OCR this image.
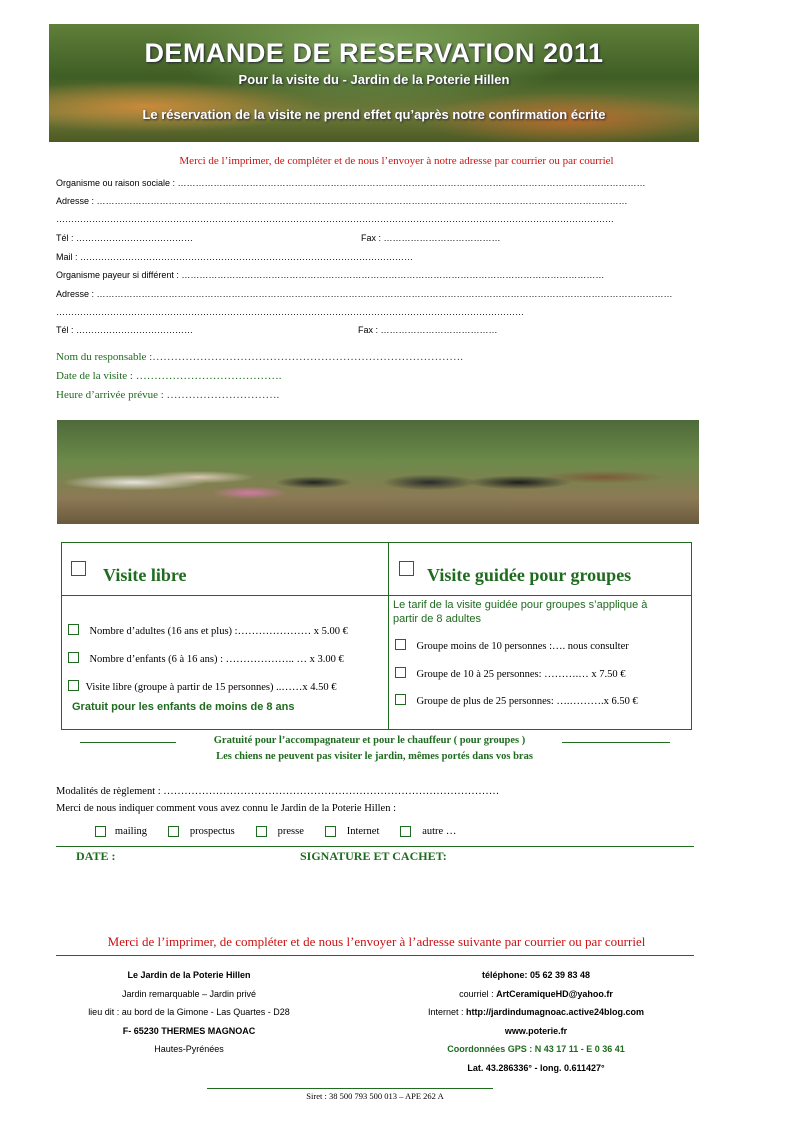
DEMANDE DE RESERVATION 2011
Pour la visite du - Jardin de la Poterie Hillen
Le réservation de la visite ne prend effet qu’après notre confirmation écrite
Merci de l’imprimer, de compléter et de nous l’envoyer à notre adresse par courrier ou par courriel
Organisme ou raison sociale : …………………………………………………………………………………………………………………………………………
Adresse : ……………………………………………………………………………………………………………………………………………………………
……………………………………………………………………………………………………………………………………………………………………
Tél : …………………………………	Fax : …………………………………
Mail : …………………………………………………………………………………………………
Organisme payeur si différent : ……………………………………………………………………………………………………………………………
Adresse : …………………………………………………………………………………………………………………………………………………………………………
…………………………………………………………………………………………………………………………………………
Tél : …………………………………	Fax : …………………………………
Nom du responsable :………………………………………………………………………….
Date de la visite : ………………………………….
Heure d’arrivée prévue : ………………………….
Visite libre	Visite guidée pour groupes
Nombre d’adultes (16 ans et plus) :………………… x 5.00 €
Nombre d’enfants (6 à 16 ans) : ……………….. … x 3.00 €
Visite libre (groupe à partir de 15 personnes) ..……x 4.50 €
Gratuit pour les enfants de moins de 8 ans
Le tarif de la visite guidée pour groupes s’applique à partir de 8 adultes
Groupe moins de 10 personnes :…. nous consulter
Groupe de 10 à 25 personnes: ……….… x 7.50 €
Groupe de plus de 25 personnes: ….……….x 6.50 €
Gratuité pour l’accompagnateur et pour le chauffeur ( pour groupes )
Les chiens ne peuvent pas visiter le jardin, mêmes portés dans vos bras
Modalités de règlement : ……………………………………………………………………………………
Merci de nous indiquer comment vous avez connu le Jardin de la Poterie Hillen :
mailing	prospectus	presse	Internet	autre …
DATE :	SIGNATURE ET CACHET:
Merci de l’imprimer, de compléter et de nous l’envoyer à l’adresse suivante par courrier ou par courriel
Le Jardin de la Poterie Hillen
Jardin remarquable – Jardin privé
lieu dit : au bord de la Gimone - Las Quartes - D28
F- 65230 THERMES MAGNOAC
Hautes-Pyrénées
téléphone: 05 62 39 83 48
courriel : ArtCeramiqueHD@yahoo.fr
Internet : http://jardindumagnoac.active24blog.com
www.poterie.fr
Coordonnées GPS : N 43 17 11 - E 0 36 41
Lat. 43.286336° - long. 0.611427°
Siret : 38 500 793 500 013 – APE 262 A
